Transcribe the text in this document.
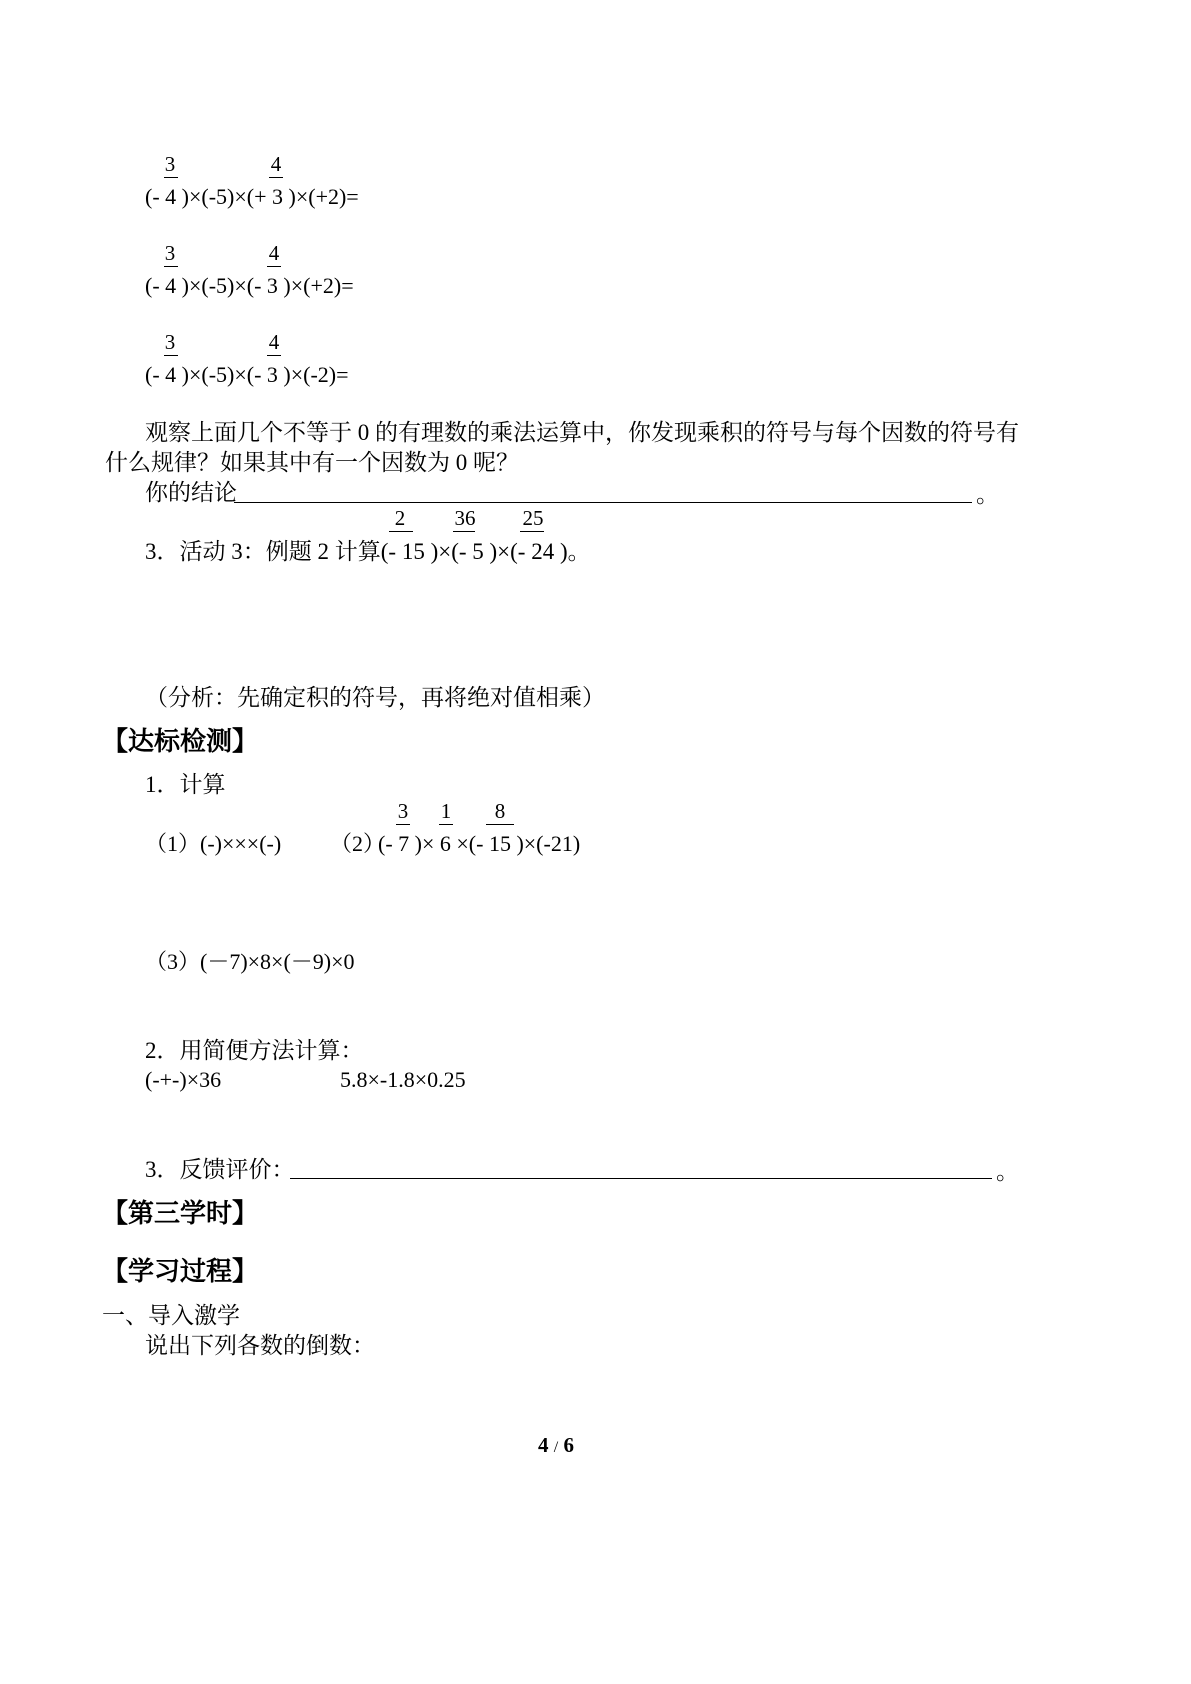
3	4
(- 4 )×(-5)×(+ 3 )×(+2)=
3	4
(- 4 )×(-5)×(- 3 )×(+2)=
3	4
(- 4 )×(-5)×(- 3 )×(-2)=
观察上面几个不等于 0 的有理数的乘法运算中，你发现乘积的符号与每个因数的符号有
什么规律？如果其中有一个因数为 0 呢？
你的结论	。
2 36 25
3．活动 3：例题 2 计算(- 15 )×(- 5 )×(- 24 )。
（分析：先确定积的符号，再将绝对值相乘）
【达标检测】
1．计算
3 1 8
（1）(-)×××(-) （2）
(- 7 )× 6 ×(- 15 )×(-21)
（3）(－7)×8×(－9)×0
2．用简便方法计算：
(-+-)×36	5.8×-1.8×0.25
3．反馈评价：	。
【第三学时】
【学习过程】
一、导入激学
说出下列各数的倒数：
4 / 6
